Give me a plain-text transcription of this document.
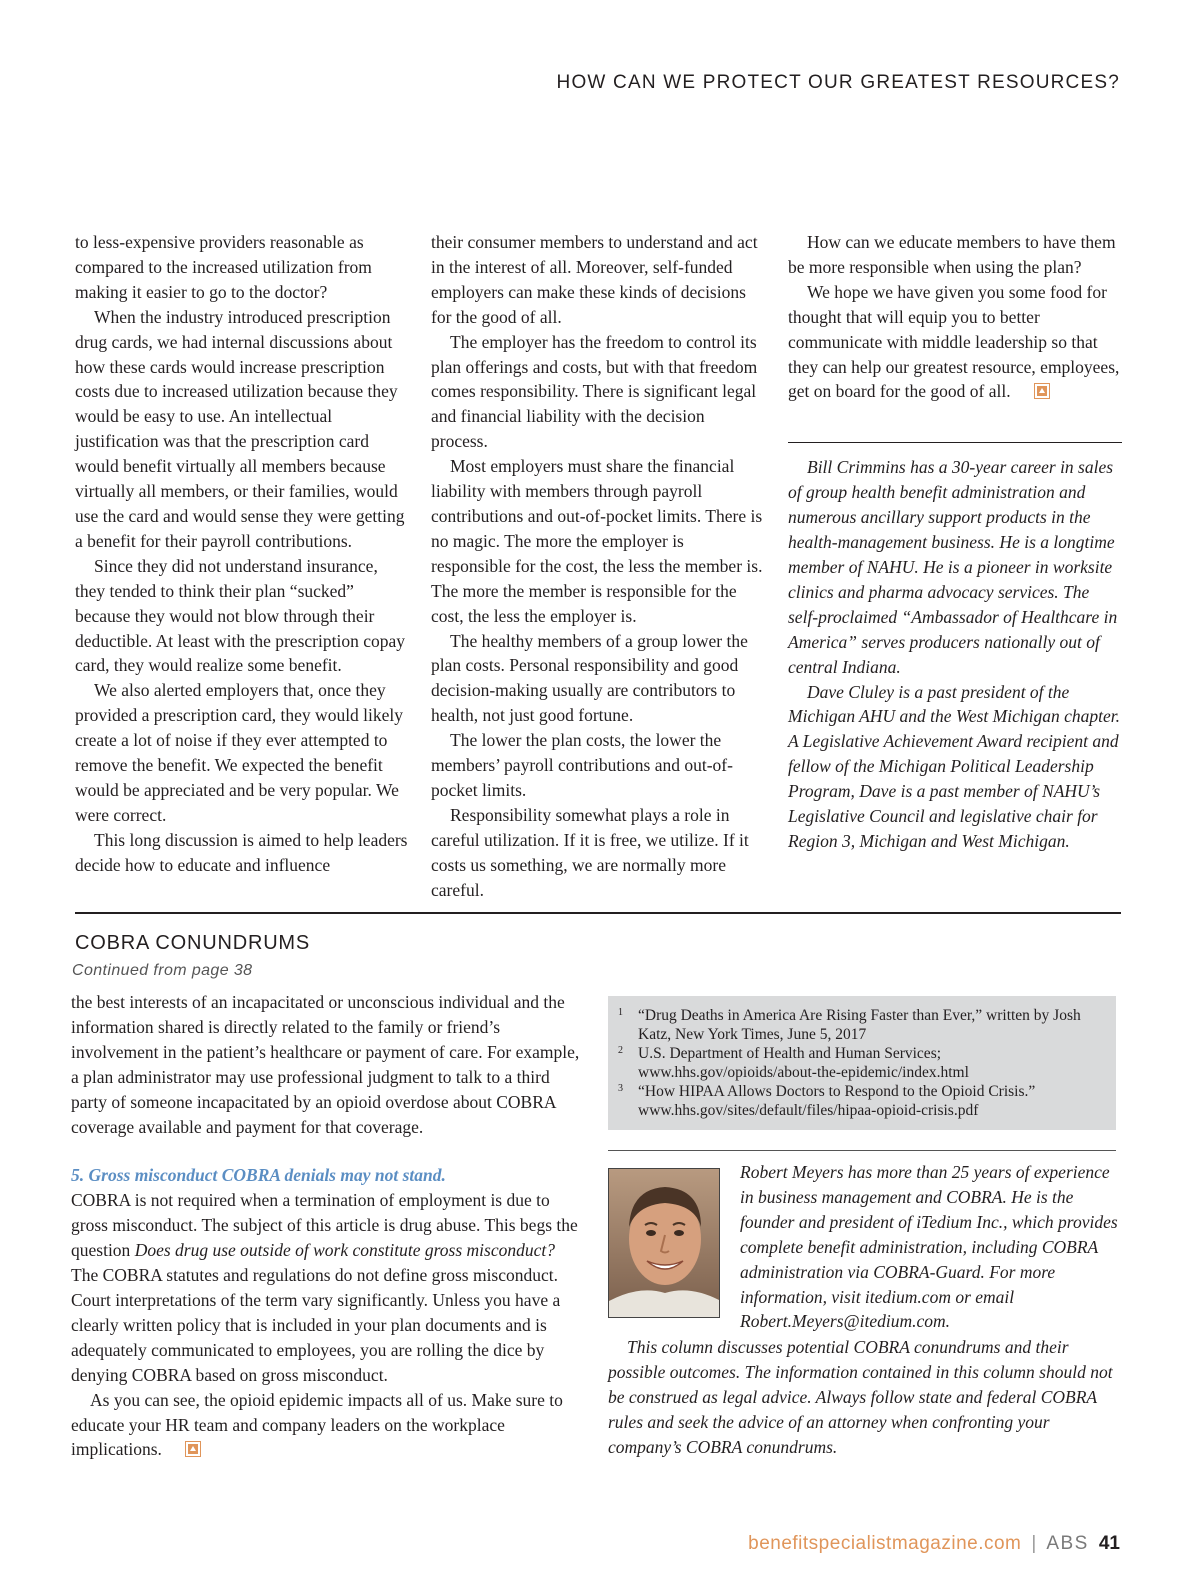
HOW CAN WE PROTECT OUR GREATEST RESOURCES?

to less-expensive providers reasonable as compared to the increased utilization from making it easier to go to the doctor?

When the industry introduced prescription drug cards, we had internal discussions about how these cards would increase prescription costs due to increased utilization because they would be easy to use. An intellectual justification was that the prescription card would benefit virtually all members because virtually all members, or their families, would use the card and would sense they were getting a benefit for their payroll contributions.

Since they did not understand insurance, they tended to think their plan “sucked” because they would not blow through their deductible. At least with the prescription copay card, they would realize some benefit.

We also alerted employers that, once they provided a prescription card, they would likely create a lot of noise if they ever attempted to remove the benefit. We expected the benefit would be appreciated and be very popular. We were correct.

This long discussion is aimed to help leaders decide how to educate and influence

their consumer members to understand and act in the interest of all. Moreover, self-funded employers can make these kinds of decisions for the good of all.

The employer has the freedom to control its plan offerings and costs, but with that freedom comes responsibility. There is significant legal and financial liability with the decision process.

Most employers must share the financial liability with members through payroll contributions and out-of-pocket limits. There is no magic. The more the employer is responsible for the cost, the less the member is. The more the member is responsible for the cost, the less the employer is.

The healthy members of a group lower the plan costs. Personal responsibility and good decision-making usually are contributors to health, not just good fortune.

The lower the plan costs, the lower the members’ payroll contributions and out-of-pocket limits.

Responsibility somewhat plays a role in careful utilization. If it is free, we utilize. If it costs us something, we are normally more careful.

How can we educate members to have them be more responsible when using the plan?

We hope we have given you some food for thought that will equip you to better communicate with middle leadership so that they can help our greatest resource, employees, get on board for the good of all.

Bill Crimmins has a 30-year career in sales of group health benefit administration and numerous ancillary support products in the health-management business. He is a longtime member of NAHU. He is a pioneer in worksite clinics and pharma advocacy services. The self-proclaimed “Ambassador of Healthcare in America” serves producers nationally out of central Indiana.

Dave Cluley is a past president of the Michigan AHU and the West Michigan chapter. A Legislative Achievement Award recipient and fellow of the Michigan Political Leadership Program, Dave is a past member of NAHU’s Legislative Council and legislative chair for Region 3, Michigan and West Michigan.

COBRA CONUNDRUMS
Continued from page 38

the best interests of an incapacitated or unconscious individual and the information shared is directly related to the family or friend’s involvement in the patient’s healthcare or payment of care. For example, a plan administrator may use professional judgment to talk to a third party of someone incapacitated by an opioid overdose about COBRA coverage available and payment for that coverage.

5. Gross misconduct COBRA denials may not stand.

COBRA is not required when a termination of employment is due to gross misconduct. The subject of this article is drug abuse. This begs the question Does drug use outside of work constitute gross misconduct? The COBRA statutes and regulations do not define gross misconduct. Court interpretations of the term vary significantly. Unless you have a clearly written policy that is included in your plan documents and is adequately communicated to employees, you are rolling the dice by denying COBRA based on gross misconduct.

As you can see, the opioid epidemic impacts all of us. Make sure to educate your HR team and company leaders on the workplace implications.

1 “Drug Deaths in America Are Rising Faster than Ever,” written by Josh Katz, New York Times, June 5, 2017
2 U.S. Department of Health and Human Services; www.hhs.gov/opioids/about-the-epidemic/index.html
3 “How HIPAA Allows Doctors to Respond to the Opioid Crisis.” www.hhs.gov/sites/default/files/hipaa-opioid-crisis.pdf

Robert Meyers has more than 25 years of experience in business management and COBRA. He is the founder and president of iTedium Inc., which provides complete benefit administration, including COBRA administration via COBRA-Guard. For more information, visit itedium.com or email Robert.Meyers@itedium.com.

This column discusses potential COBRA conundrums and their possible outcomes. The information contained in this column should not be construed as legal advice. Always follow state and federal COBRA rules and seek the advice of an attorney when confronting your company’s COBRA conundrums.

benefitspecialistmagazine.com | ABS 41
